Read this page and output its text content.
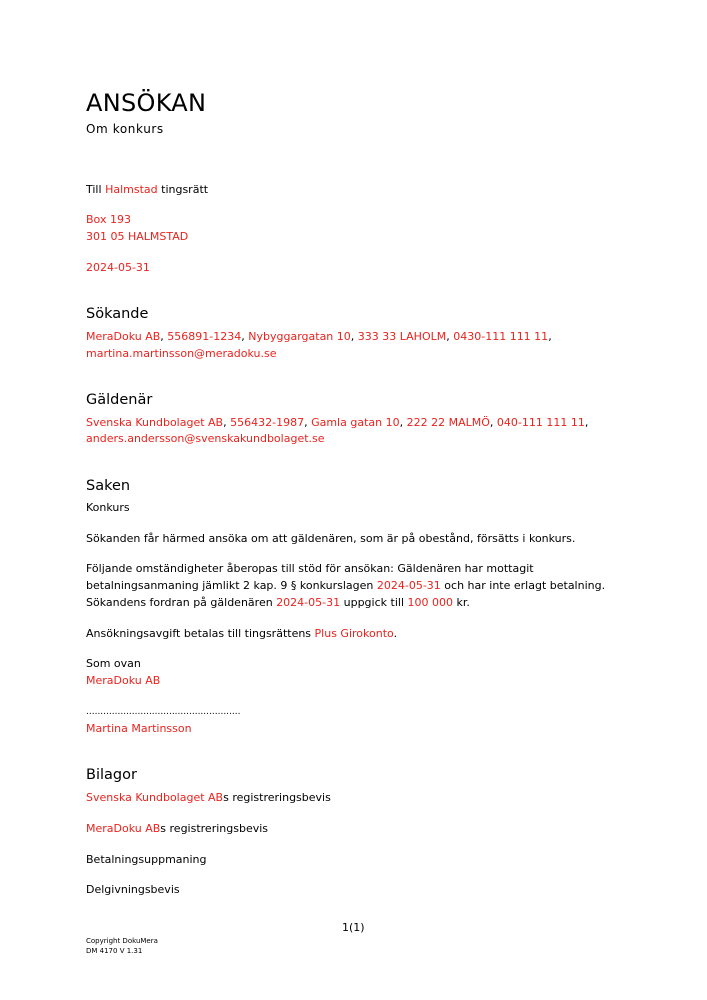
ANSÖKAN
Om konkurs
Till Halmstad tingsrätt
Box 193
301 05 HALMSTAD
2024-05-31
Sökande
MeraDoku AB, 556891-1234, Nybyggargatan 10, 333 33 LAHOLM, 0430-111 111 11,
martina.martinsson@meradoku.se
Gäldenär
Svenska Kundbolaget AB, 556432-1987, Gamla gatan 10, 222 22 MALMÖ, 040-111 111 11,
anders.andersson@svenskakundbolaget.se
Saken
Konkurs
Sökanden får härmed ansöka om att gäldenären, som är på obestånd, försätts i konkurs.
Följande omständigheter åberopas till stöd för ansökan: Gäldenären har mottagit
betalningsanmaning jämlikt 2 kap. 9 § konkurslagen 2024-05-31 och har inte erlagt betalning.
Sökandens fordran på gäldenären 2024-05-31 uppgick till 100 000 kr.
Ansökningsavgift betalas till tingsrättens Plus Girokonto.
Som ovan
MeraDoku AB
......................................................
Martina Martinsson
Bilagor
Svenska Kundbolaget ABs registreringsbevis
MeraDoku ABs registreringsbevis
Betalningsuppmaning
Delgivningsbevis
1(1)
Copyright DokuMera
DM 4170 V 1.31
